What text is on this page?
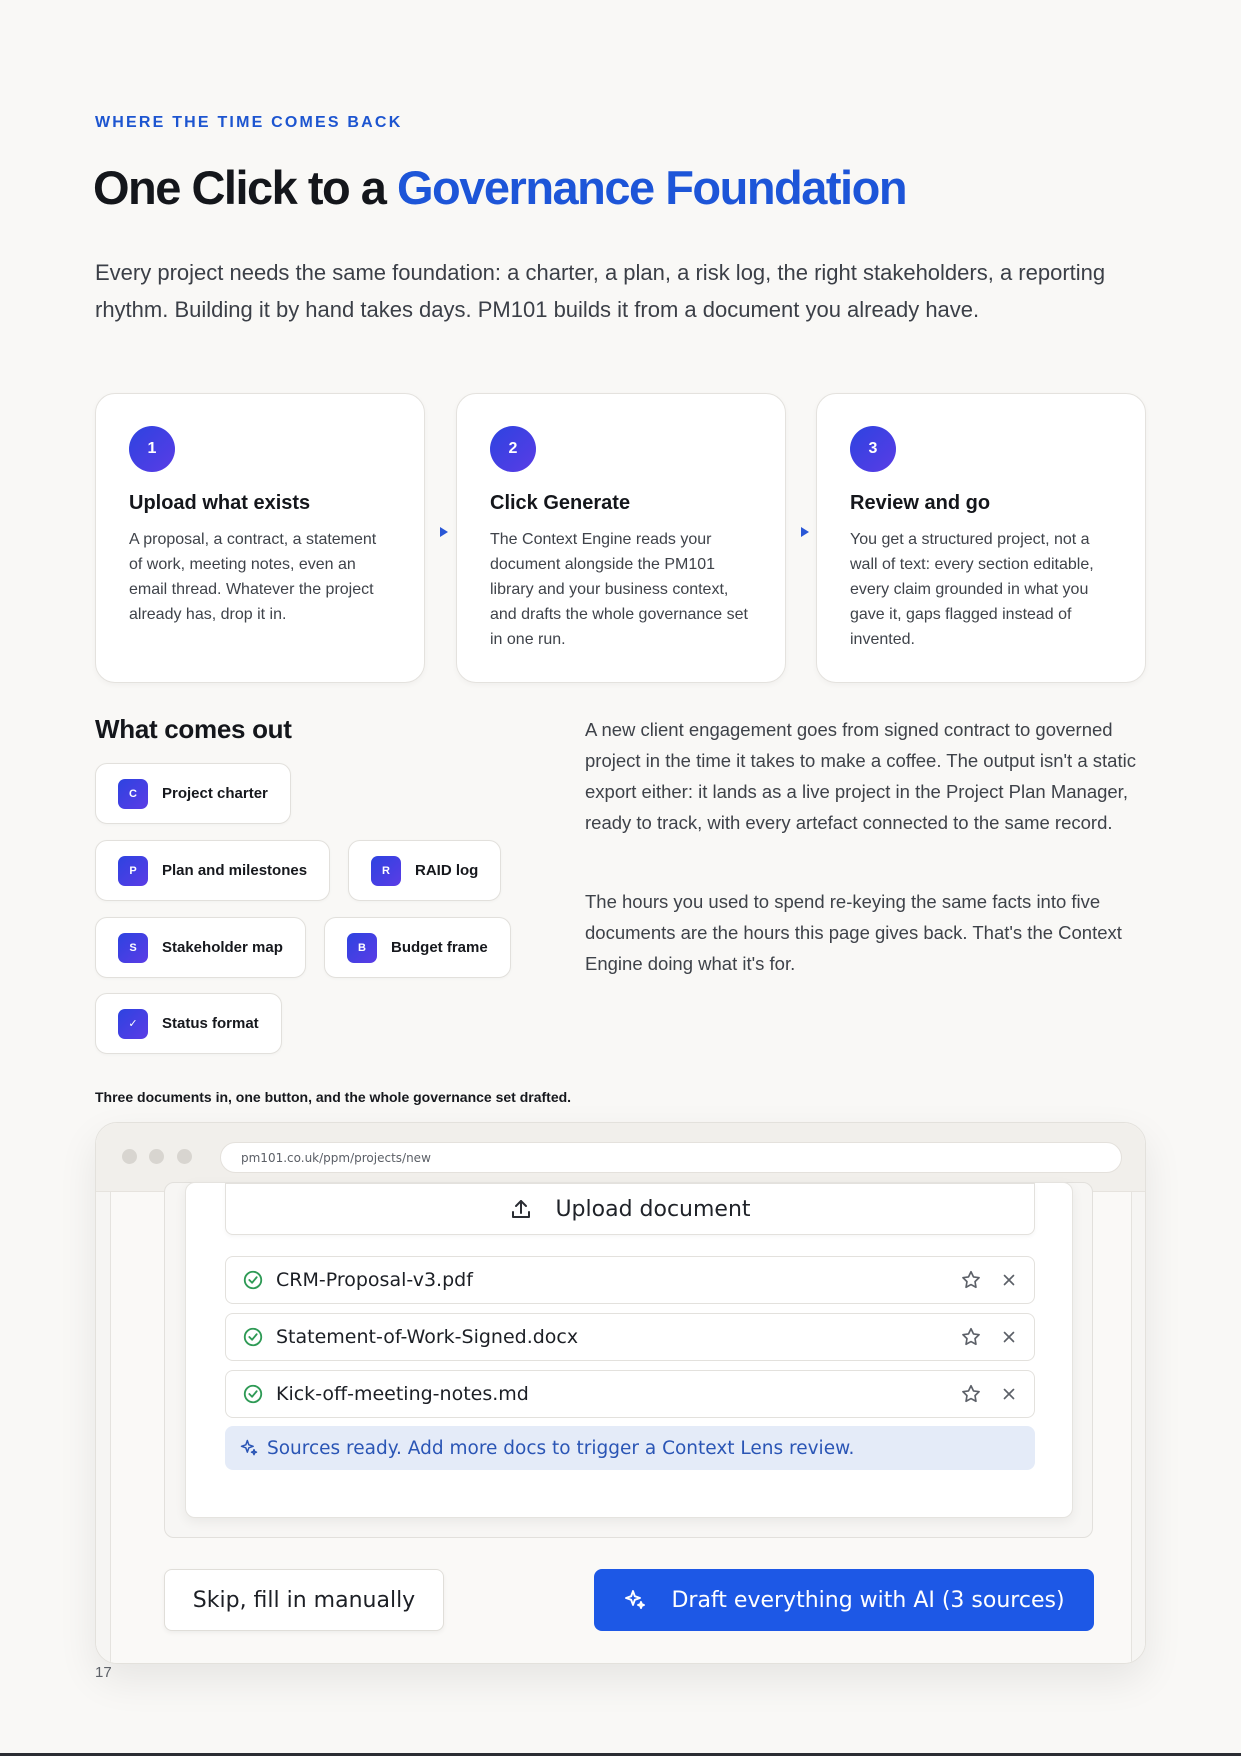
WHERE THE TIME COMES BACK
One Click to a Governance Foundation

Every project needs the same foundation: a charter, a plan, a risk log, the right stakeholders, a reporting rhythm. Building it by hand takes days. PM101 builds it from a document you already have.

1
Upload what exists
A proposal, a contract, a statement of work, meeting notes, even an email thread. Whatever the project already has, drop it in.
2
Click Generate
The Context Engine reads your document alongside the PM101 library and your business context, and drafts the whole governance set in one run.
3
Review and go
You get a structured project, not a wall of text: every section editable, every claim grounded in what you gave it, gaps flagged instead of invented.
What comes out
C	Project charter
P	Plan and milestones	R	RAID log
S	Stakeholder map	B	Budget frame
✓	Status format

A new client engagement goes from signed contract to governed project in the time it takes to make a coffee. The output isn't a static export either: it lands as a live project in the Project Plan Manager, ready to track, with every artefact connected to the same record.

The hours you used to spend re-keying the same facts into five documents are the hours this page gives back. That's the Context Engine doing what it's for.

Three documents in, one button, and the whole governance set drafted.
pm101.co.uk/ppm/projects/new
Upload document
CRM-Proposal-v3.pdf
Statement-of-Work-Signed.docx
Kick-off-meeting-notes.md
Sources ready. Add more docs to trigger a Context Lens review.
Skip, fill in manually	Draft everything with AI (3 sources)
17
